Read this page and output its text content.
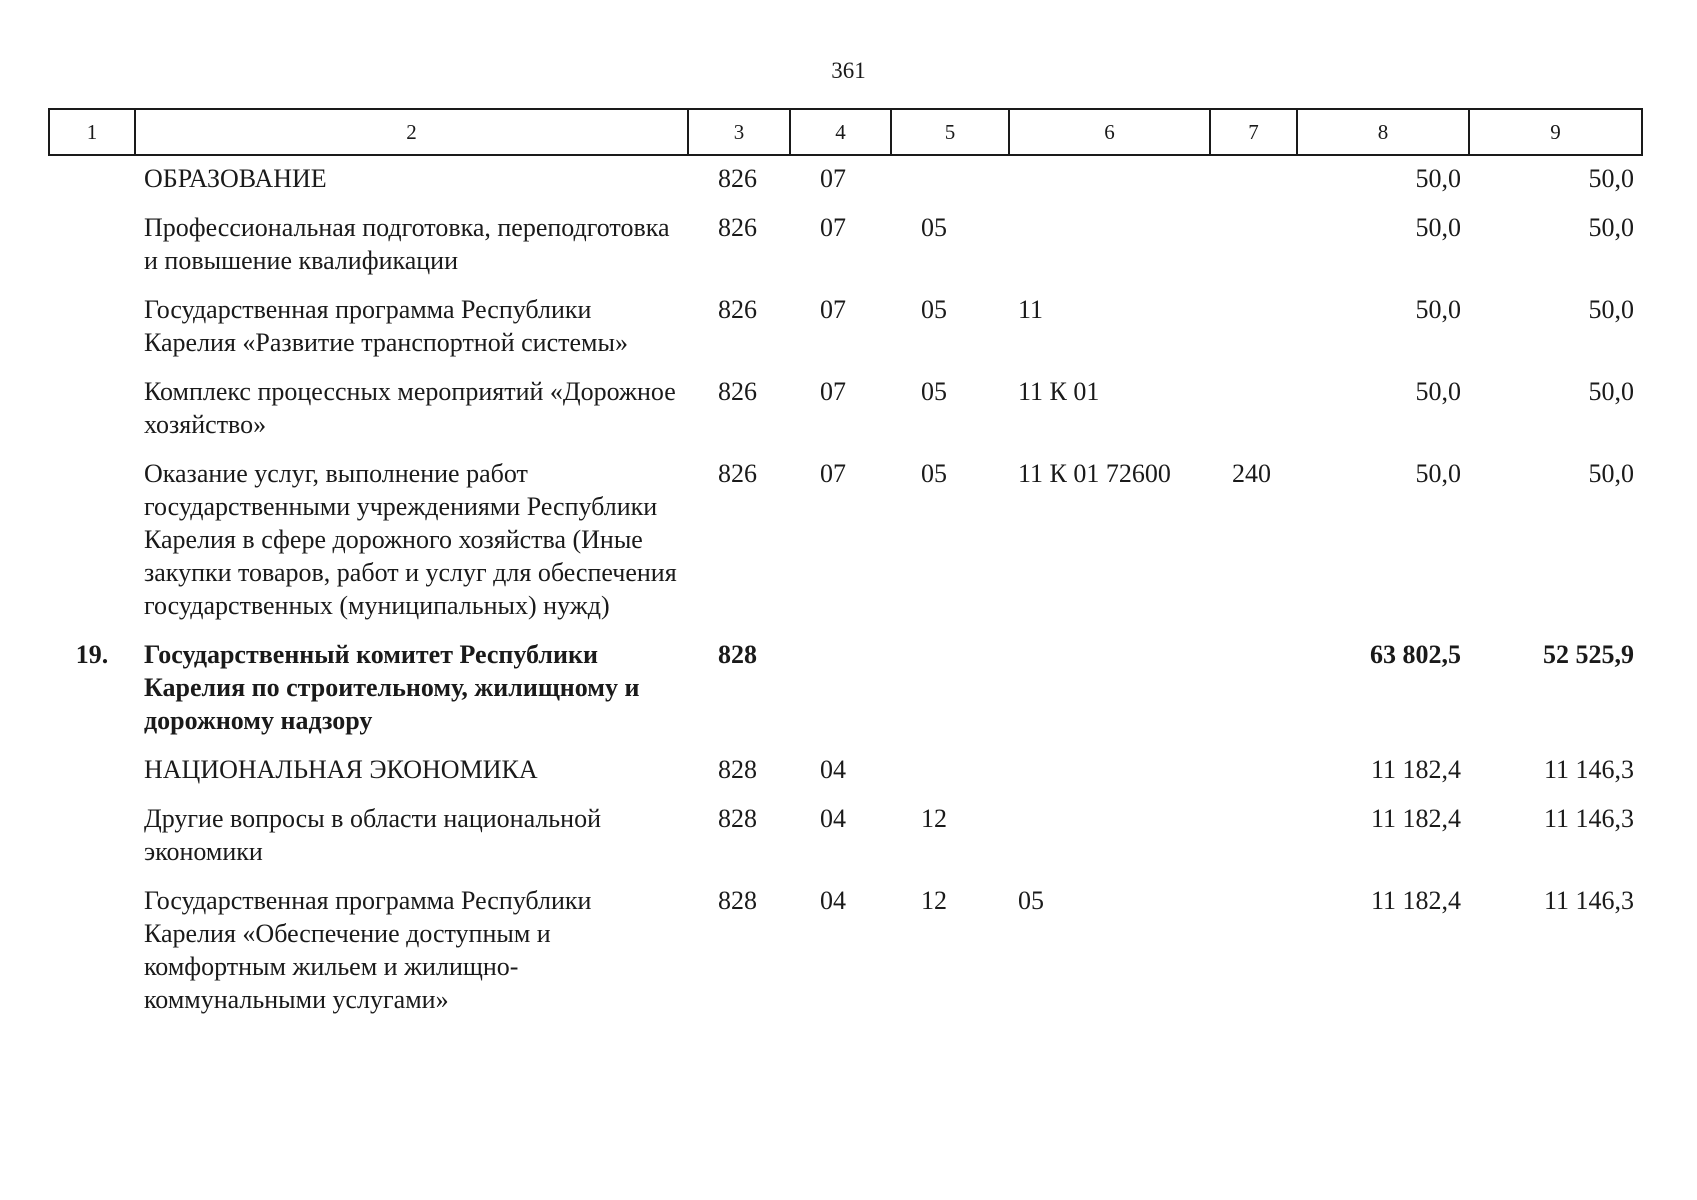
361
1	2	3	4	5	6	7	8	9
	ОБРАЗОВАНИЕ	826	07				50,0	50,0
	Профессиональная подготовка, переподготовка и повышение квалификации	826	07	05			50,0	50,0
	Государственная программа Республики Карелия «Развитие транспортной системы»	826	07	05	11		50,0	50,0
	Комплекс процессных мероприятий «Дорожное хозяйство»	826	07	05	11 К 01		50,0	50,0
	Оказание услуг, выполнение работ государственными учреждениями Республики Карелия в сфере дорожного хозяйства (Иные закупки товаров, работ и услуг для обеспечения государственных (муниципальных) нужд)	826	07	05	11 К 01 72600	240	50,0	50,0
19.	Государственный комитет Республики Карелия по строительному, жилищному и дорожному надзору	828					63 802,5	52 525,9
	НАЦИОНАЛЬНАЯ ЭКОНОМИКА	828	04				11 182,4	11 146,3
	Другие вопросы в области национальной экономики	828	04	12			11 182,4	11 146,3
	Государственная программа Республики Карелия «Обеспечение доступным и комфортным жильем и жилищно-коммунальными услугами»	828	04	12	05		11 182,4	11 146,3
